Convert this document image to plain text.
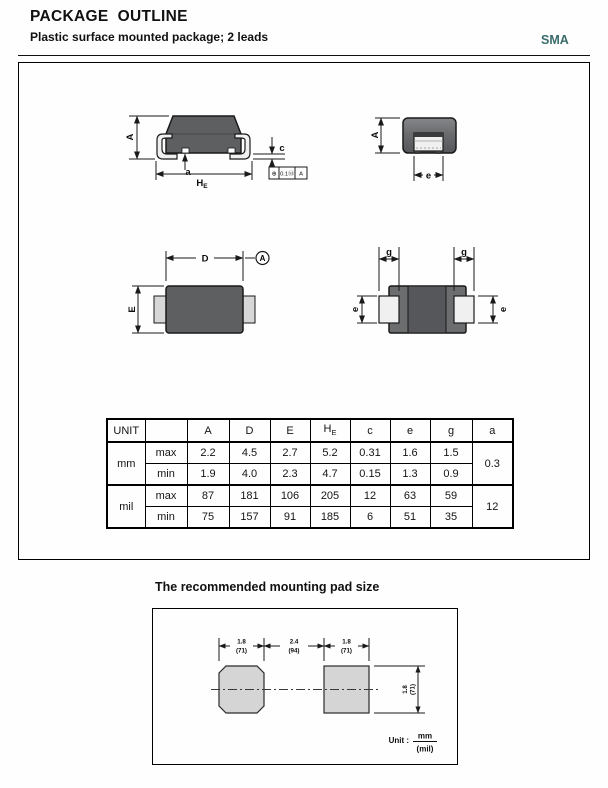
PACKAGE  OUTLINE
Plastic surface mounted package; 2 leads	SMA
A
a
$H_E$
c
⊕ 0.1Ⓜ A
A
e
D	A
E
g	g
e	e
UNIT		A	D	E	$H_E$	c	e	g	a
mm	max	2.2	4.5	2.7	5.2	0.31	1.6	1.5	0.3
	min	1.9	4.0	2.3	4.7	0.15	1.3	0.9	
mil	max	87	181	106	205	12	63	59	12
	min	75	157	91	185	6	51	35	
The recommended mounting pad size
1.8
(71)
2.4
(94)
1.8
(71)
1.8 (71)
Unit : mm
(mil)
